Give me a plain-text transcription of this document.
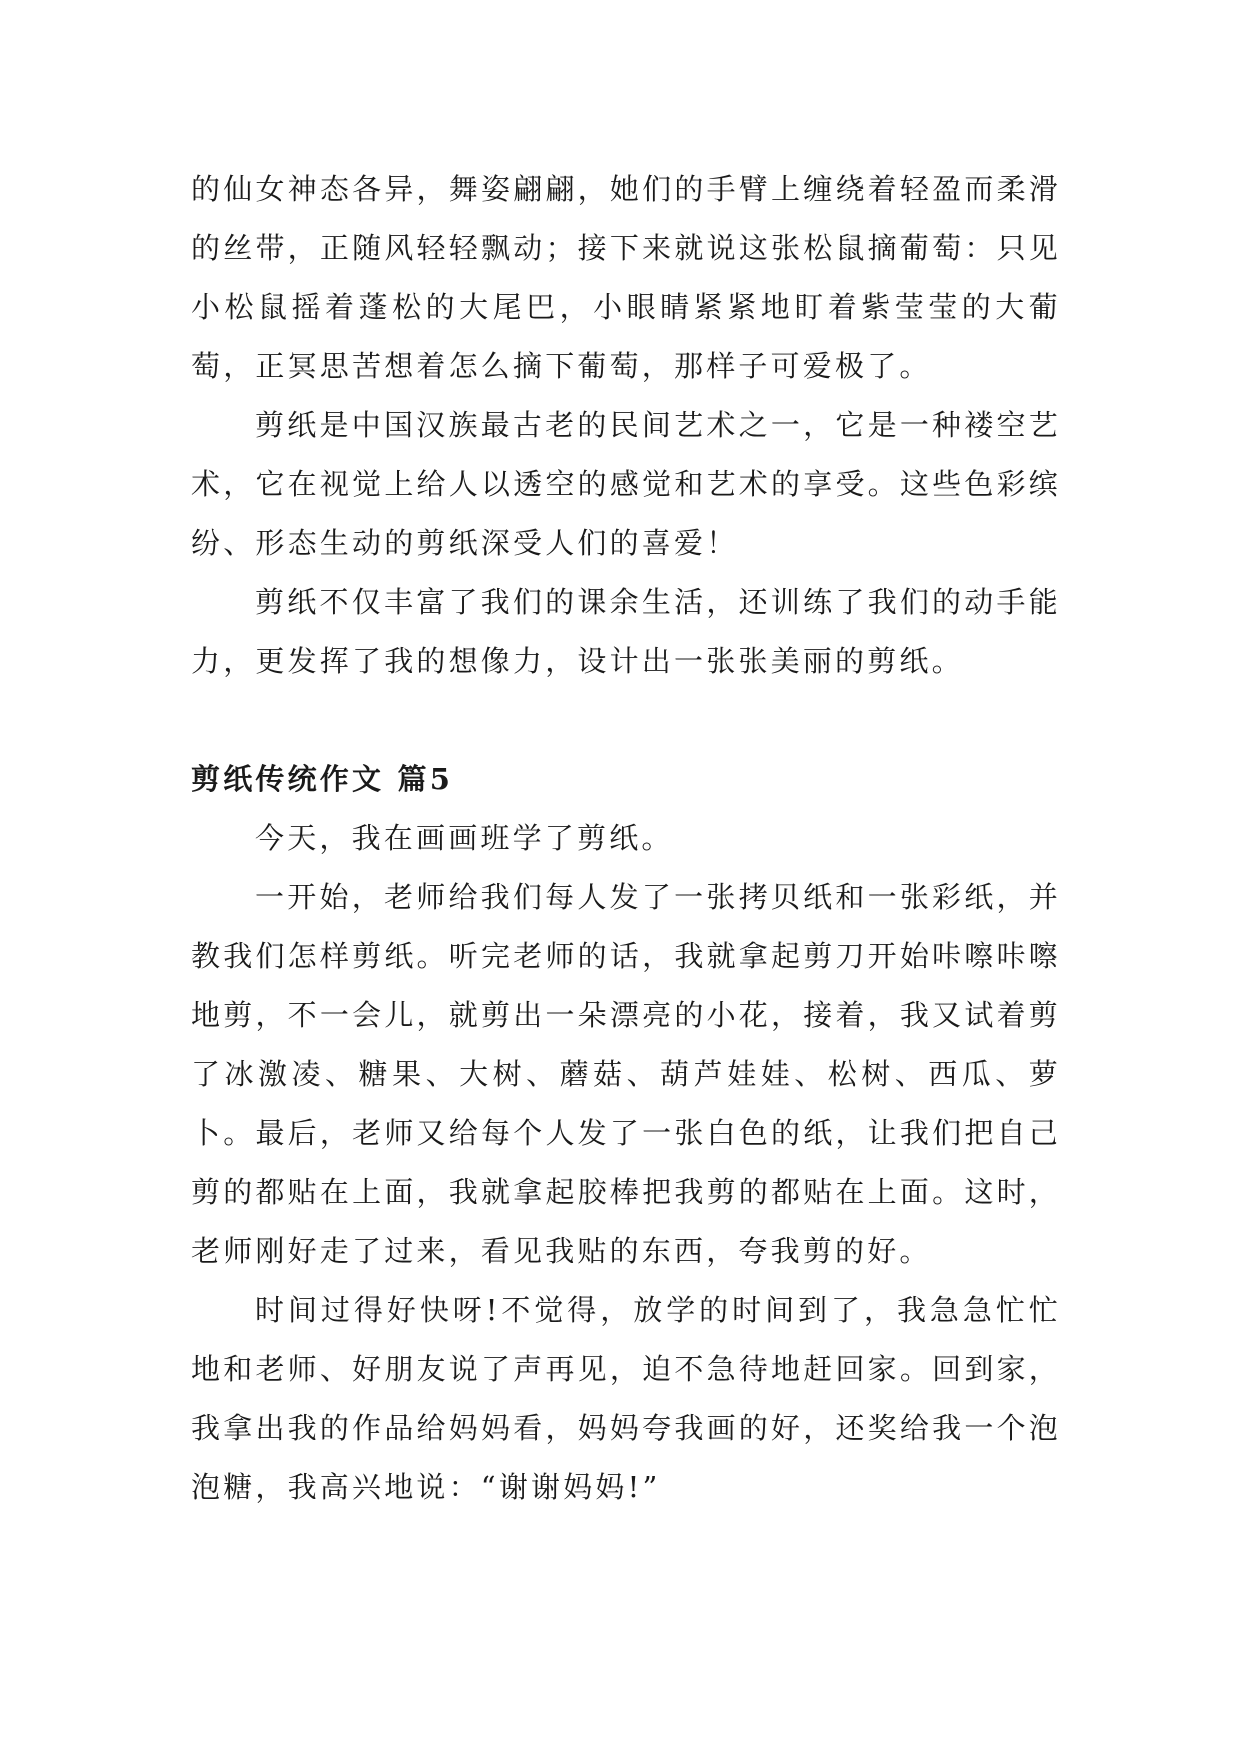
的仙女神态各异，舞姿翩翩，她们的手臂上缠绕着轻盈而柔滑的丝带，正随风轻轻飘动；接下来就说这张松鼠摘葡萄：只见小松鼠摇着蓬松的大尾巴，小眼睛紧紧地盯着紫莹莹的大葡萄，正冥思苦想着怎么摘下葡萄，那样子可爱极了。

剪纸是中国汉族最古老的民间艺术之一，它是一种褛空艺术，它在视觉上给人以透空的感觉和艺术的享受。这些色彩缤纷、形态生动的剪纸深受人们的喜爱！

剪纸不仅丰富了我们的课余生活，还训练了我们的动手能力，更发挥了我的想像力，设计出一张张美丽的剪纸。

剪纸传统作文 篇5

今天，我在画画班学了剪纸。

一开始，老师给我们每人发了一张拷贝纸和一张彩纸，并教我们怎样剪纸。听完老师的话，我就拿起剪刀开始咔嚓咔嚓地剪，不一会儿，就剪出一朵漂亮的小花，接着，我又试着剪了冰激凌、糖果、大树、蘑菇、葫芦娃娃、松树、西瓜、萝卜。最后，老师又给每个人发了一张白色的纸，让我们把自己剪的都贴在上面，我就拿起胶棒把我剪的都贴在上面。这时，老师刚好走了过来，看见我贴的东西，夸我剪的好。

时间过得好快呀!不觉得，放学的时间到了，我急急忙忙地和老师、好朋友说了声再见，迫不急待地赶回家。回到家，我拿出我的作品给妈妈看，妈妈夸我画的好，还奖给我一个泡泡糖，我高兴地说：“谢谢妈妈!”
